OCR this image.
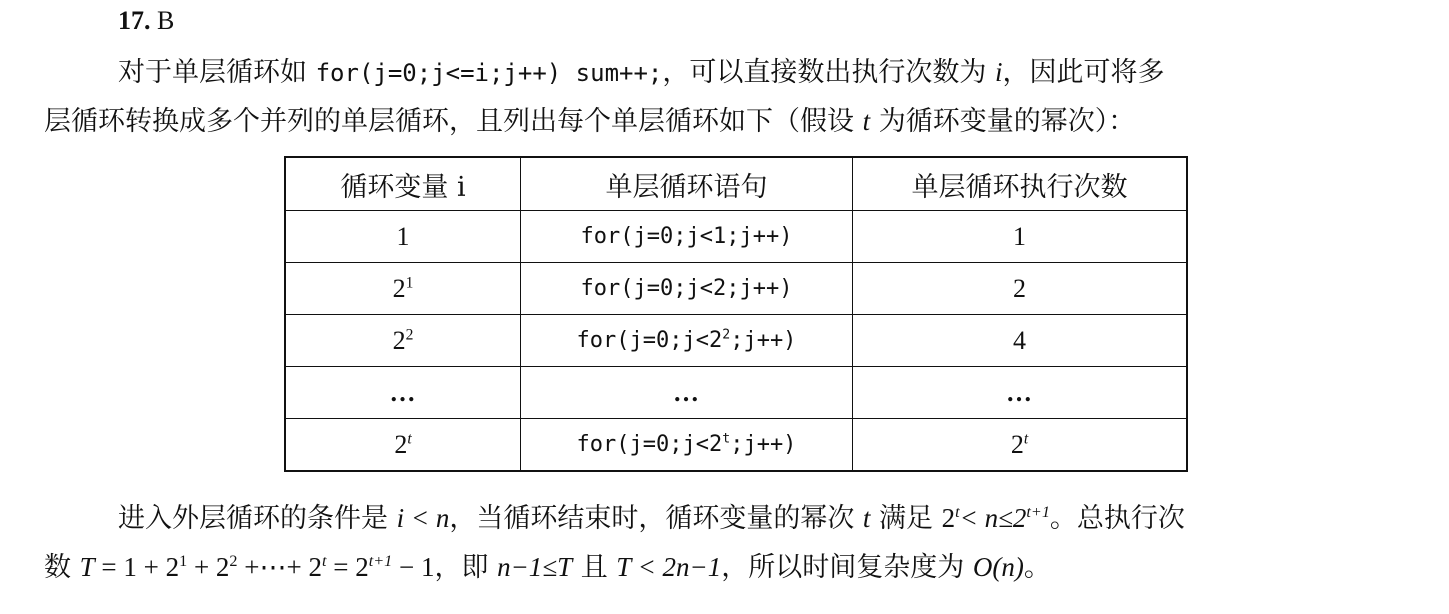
17. B
对于单层循环如 for(j=0;j<=i;j++) sum++;，可以直接数出执行次数为 i，因此可将多
层循环转换成多个并列的单层循环，且列出每个单层循环如下（假设 t 为循环变量的幂次）：
循环变量 i	单层循环语句	单层循环执行次数
1	for(j=0;j<1;j++)	1
$2^1$	for(j=0;j<2;j++)	2
$2^2$	$for(j=0;j<2^2;j++)$	4
…	…	…
2$^t$	$for(j=0;j<2^t;j++)$	2$^t$
进入外层循环的条件是 i < n，当循环结束时，循环变量的幂次 t 满足 $2^t< n\le 2^{t+1}$。总执行次
数 $T = 1 + 2^1 + 2^2$ +⋯+ $2^t = 2^{t+1} - 1$，即 n−1≤T 且 T < 2n−1，所以时间复杂度为 O(n)。
